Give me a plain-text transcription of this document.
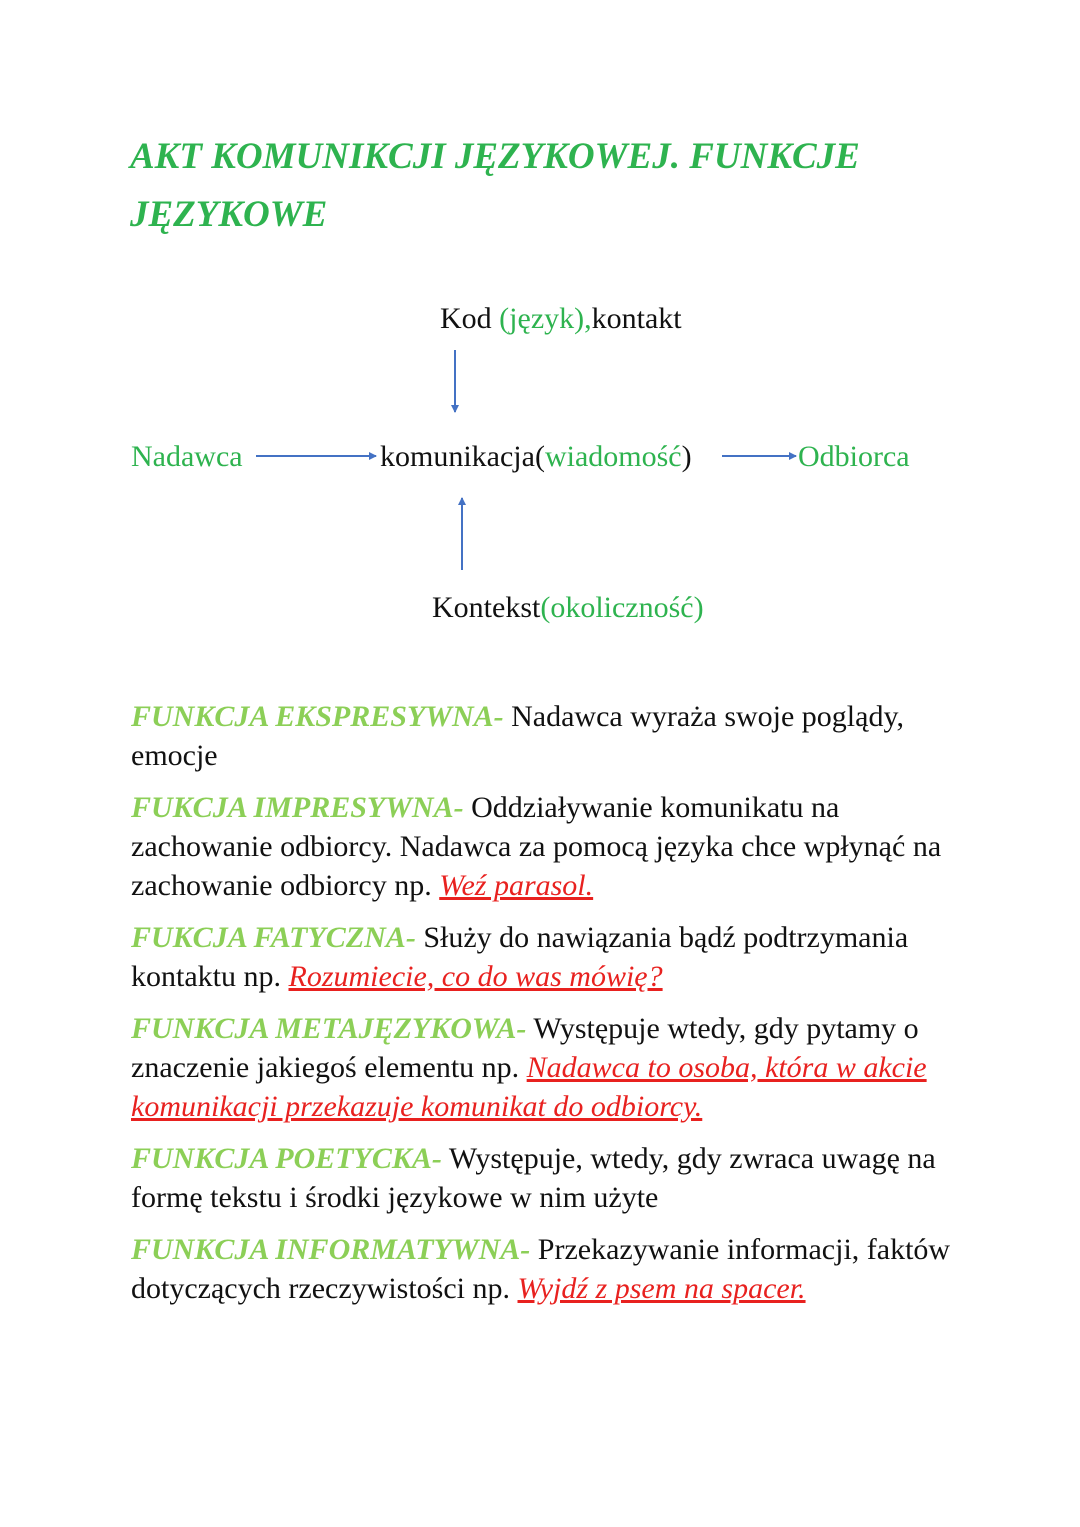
AKT KOMUNIKCJI JĘZYKOWEJ. FUNKCJE JĘZYKOWE
Kod (język),kontakt
Nadawca	komunikacja(wiadomość)	Odbiorca
Kontekst(okoliczność)

FUNKCJA EKSPRESYWNA- Nadawca wyraża swoje poglądy, emocje

FUKCJA IMPRESYWNA- Oddziaływanie komunikatu na zachowanie odbiorcy. Nadawca za pomocą języka chce wpłynąć na zachowanie odbiorcy np. Weź parasol.

FUKCJA FATYCZNA- Służy do nawiązania bądź podtrzymania kontaktu np. Rozumiecie, co do was mówię?

FUNKCJA METAJĘZYKOWA- Występuje wtedy, gdy pytamy o znaczenie jakiegoś elementu np. Nadawca to osoba, która w akcie komunikacji przekazuje komunikat do odbiorcy.

FUNKCJA POETYCKA- Występuje, wtedy, gdy zwraca uwagę na formę tekstu i środki językowe w nim użyte

FUNKCJA INFORMATYWNA- Przekazywanie informacji, faktów dotyczących rzeczywistości np. Wyjdź z psem na spacer.
